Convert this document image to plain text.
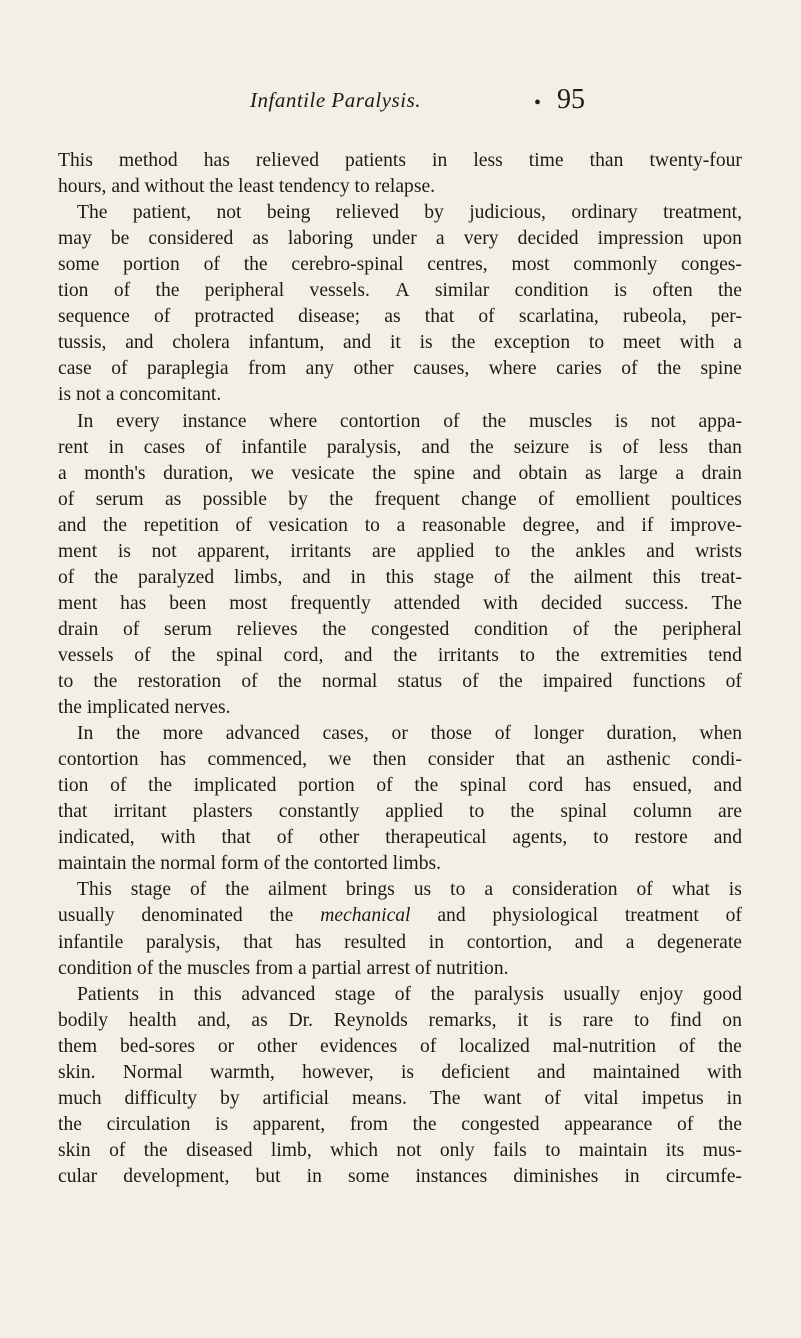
Infantile Paralysis.	• 95
This method has relieved patients in less time than twenty-four
hours, and without the least tendency to relapse.
The patient, not being relieved by judicious, ordinary treatment,
may be considered as laboring under a very decided impression upon
some portion of the cerebro-spinal centres, most commonly conges-
tion of the peripheral vessels. A similar condition is often the
sequence of protracted disease; as that of scarlatina, rubeola, per-
tussis, and cholera infantum, and it is the exception to meet with a
case of paraplegia from any other causes, where caries of the spine
is not a concomitant.
In every instance where contortion of the muscles is not appa-
rent in cases of infantile paralysis, and the seizure is of less than
a month's duration, we vesicate the spine and obtain as large a drain
of serum as possible by the frequent change of emollient poultices
and the repetition of vesication to a reasonable degree, and if improve-
ment is not apparent, irritants are applied to the ankles and wrists
of the paralyzed limbs, and in this stage of the ailment this treat-
ment has been most frequently attended with decided success. The
drain of serum relieves the congested condition of the peripheral
vessels of the spinal cord, and the irritants to the extremities tend
to the restoration of the normal status of the impaired functions of
the implicated nerves.
In the more advanced cases, or those of longer duration, when
contortion has commenced, we then consider that an asthenic condi-
tion of the implicated portion of the spinal cord has ensued, and
that irritant plasters constantly applied to the spinal column are
indicated, with that of other therapeutical agents, to restore and
maintain the normal form of the contorted limbs.
This stage of the ailment brings us to a consideration of what is
usually denominated the mechanical and physiological treatment of
infantile paralysis, that has resulted in contortion, and a degenerate
condition of the muscles from a partial arrest of nutrition.
Patients in this advanced stage of the paralysis usually enjoy good
bodily health and, as Dr. Reynolds remarks, it is rare to find on
them bed-sores or other evidences of localized mal-nutrition of the
skin. Normal warmth, however, is deficient and maintained with
much difficulty by artificial means. The want of vital impetus in
the circulation is apparent, from the congested appearance of the
skin of the diseased limb, which not only fails to maintain its mus-
cular development, but in some instances diminishes in circumfe-
